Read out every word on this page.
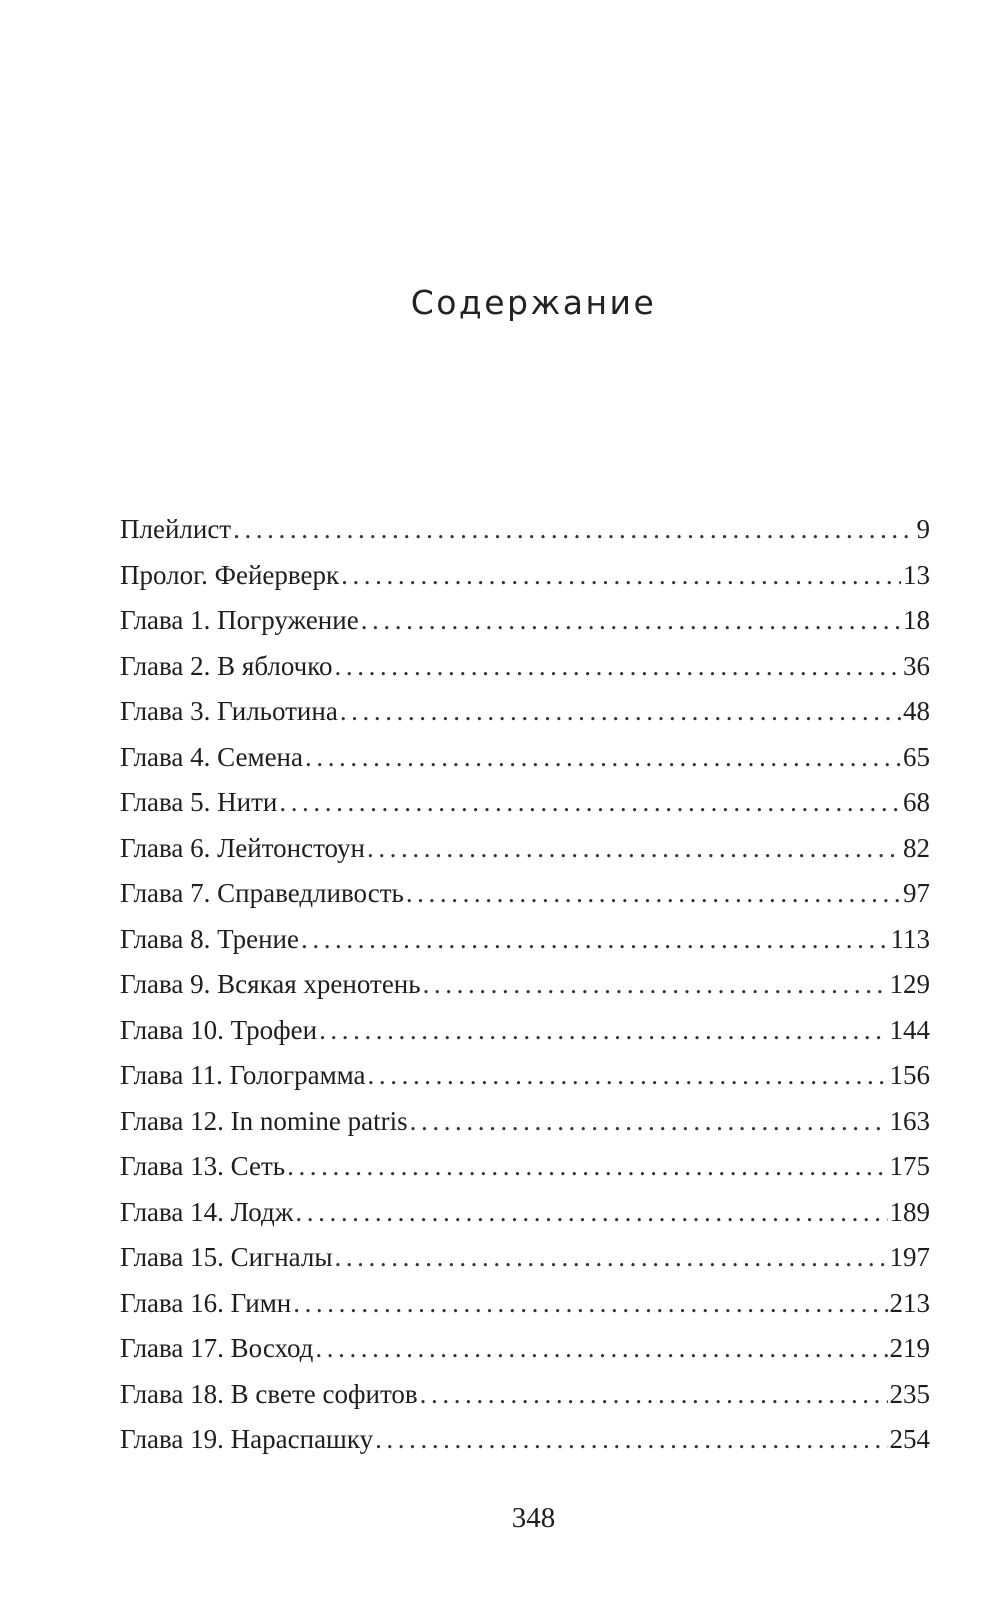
Содержание
Плейлист .....	9
Пролог. Фейерверк .....	13
Глава 1. Погружение .....	18
Глава 2. В яблочко .....	36
Глава 3. Гильотина .....	48
Глава 4. Семена .....	65
Глава 5. Нити .....	68
Глава 6. Лейтонстоун .....	82
Глава 7. Справедливость .....	97
Глава 8. Трение .....	113
Глава 9. Всякая хренотень .....	129
Глава 10. Трофеи .....	144
Глава 11. Голограмма .....	156
Глава 12. In nomine patris .....	163
Глава 13. Сеть .....	175
Глава 14. Лодж .....	189
Глава 15. Сигналы .....	197
Глава 16. Гимн .....	213
Глава 17. Восход .....	219
Глава 18. В свете софитов .....	235
Глава 19. Нараспашку .....	254

348
